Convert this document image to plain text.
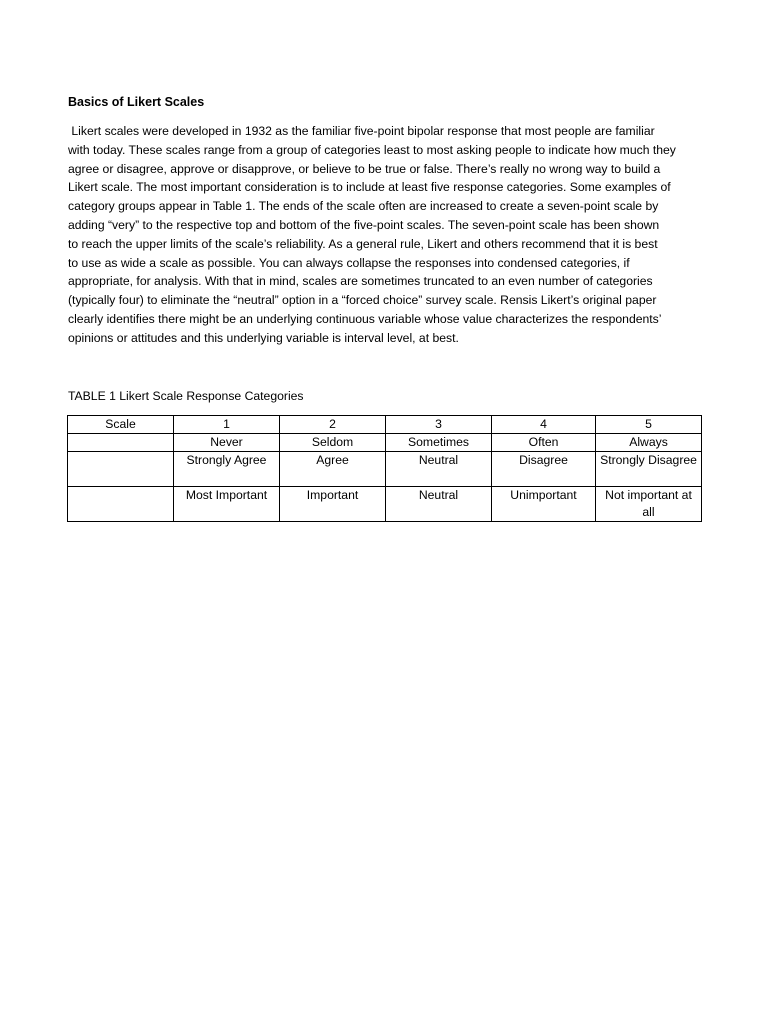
Basics of Likert Scales
Likert scales were developed in 1932 as the familiar five-point bipolar response that most people are familiar
with today. These scales range from a group of categories least to most asking people to indicate how much they
agree or disagree, approve or disapprove, or believe to be true or false. There’s really no wrong way to build a
Likert scale. The most important consideration is to include at least five response categories. Some examples of
category groups appear in Table 1. The ends of the scale often are increased to create a seven-point scale by
adding “very” to the respective top and bottom of the five-point scales. The seven-point scale has been shown
to reach the upper limits of the scale’s reliability. As a general rule, Likert and others recommend that it is best
to use as wide a scale as possible. You can always collapse the responses into condensed categories, if
appropriate, for analysis. With that in mind, scales are sometimes truncated to an even number of categories
(typically four) to eliminate the “neutral” option in a “forced choice” survey scale. Rensis Likert’s original paper
clearly identifies there might be an underlying continuous variable whose value characterizes the respondents’
opinions or attitudes and this underlying variable is interval level, at best.
TABLE 1 Likert Scale Response Categories
Scale	1	2	3	4	5
	Never	Seldom	Sometimes	Often	Always
	Strongly Agree	Agree	Neutral	Disagree	Strongly Disagree
	Most Important	Important	Neutral	Unimportant	Not important at all
